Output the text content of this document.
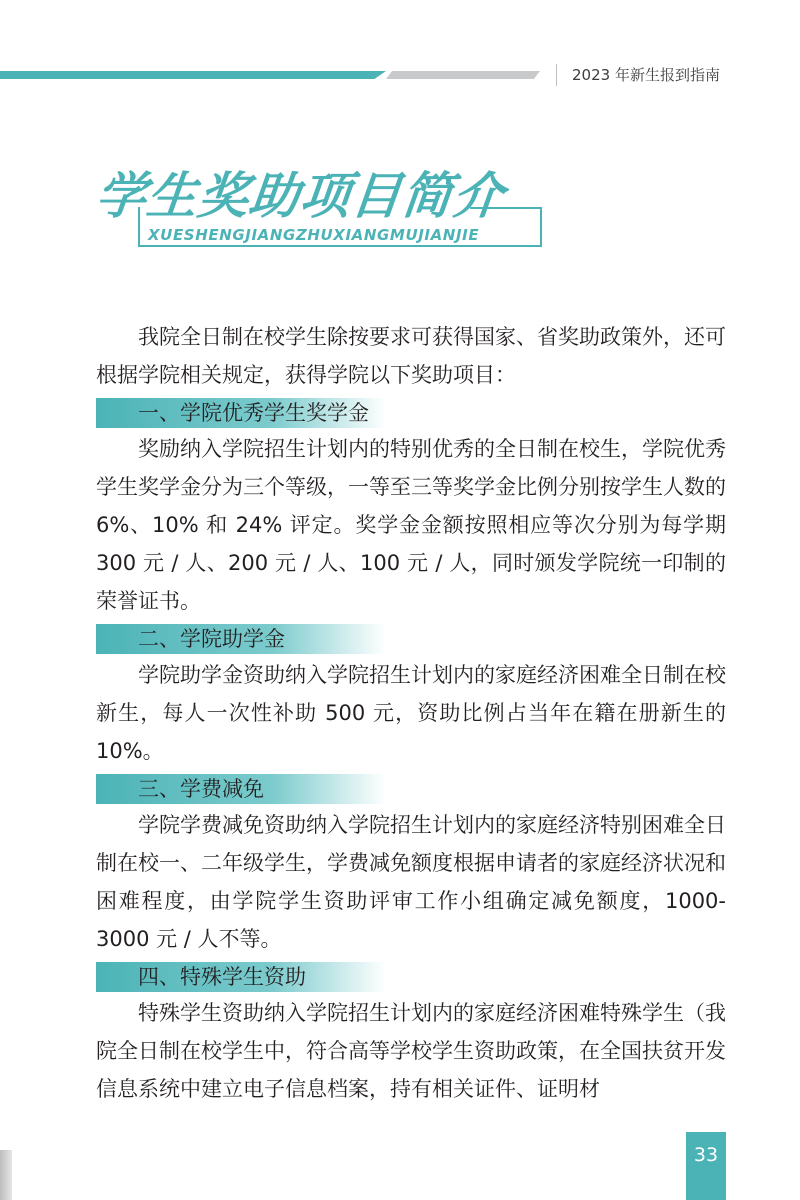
2023 年新生报到指南
学生奖助项目简介
XUESHENGJIANGZHUXIANGMUJIANJIE

我院全日制在校学生除按要求可获得国家、省奖助政策外，还可根据学院相关规定，获得学院以下奖助项目：

一、学院优秀学生奖学金

奖励纳入学院招生计划内的特别优秀的全日制在校生，学院优秀学生奖学金分为三个等级，一等至三等奖学金比例分别按学生人数的 6%、10% 和 24% 评定。奖学金金额按照相应等次分别为每学期 300 元 / 人、200 元 / 人、100 元 / 人，同时颁发学院统一印制的荣誉证书。

二、学院助学金

学院助学金资助纳入学院招生计划内的家庭经济困难全日制在校新生，每人一次性补助 500 元，资助比例占当年在籍在册新生的 10%。

三、学费减免

学院学费减免资助纳入学院招生计划内的家庭经济特别困难全日制在校一、二年级学生，学费减免额度根据申请者的家庭经济状况和困难程度，由学院学生资助评审工作小组确定减免额度，1000-3000 元 / 人不等。

四、特殊学生资助

特殊学生资助纳入学院招生计划内的家庭经济困难特殊学生（我院全日制在校学生中，符合高等学校学生资助政策，在全国扶贫开发信息系统中建立电子信息档案，持有相关证件、证明材

33
